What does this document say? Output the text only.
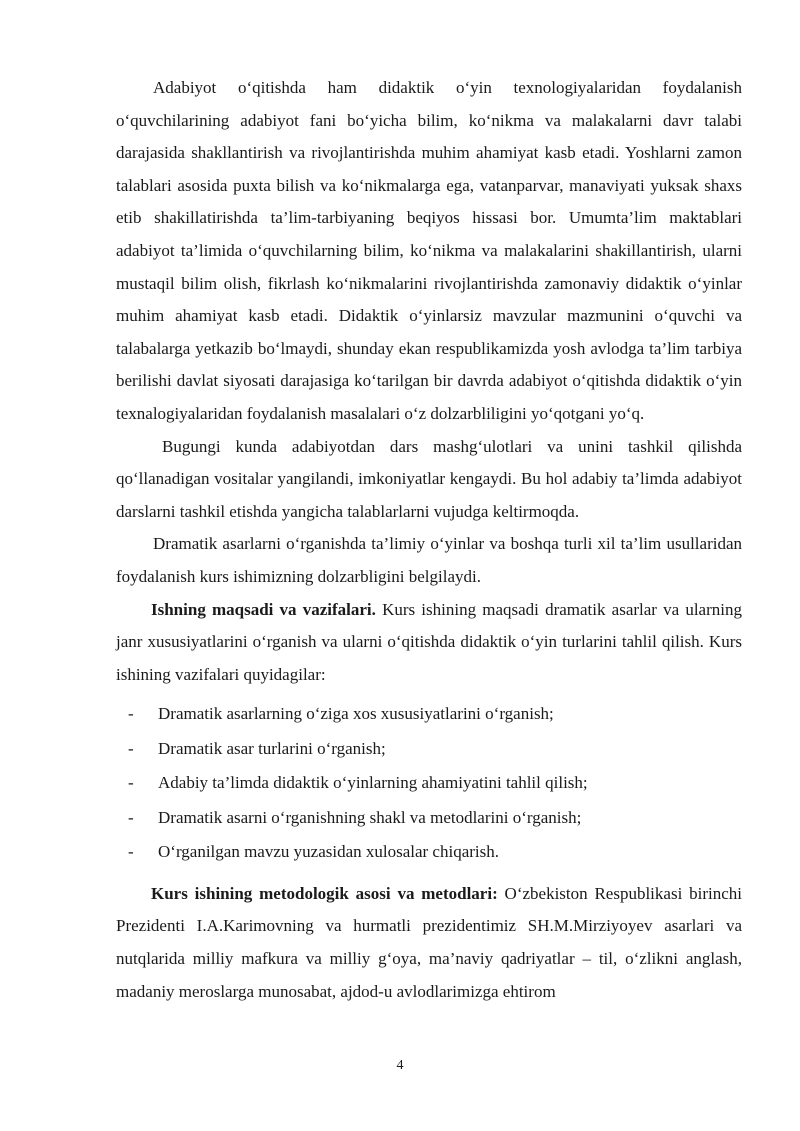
Adabiyot o‘qitishda ham didaktik o‘yin texnologiyalaridan foydalanish o‘quvchilarining adabiyot fani bo‘yicha bilim, ko‘nikma va malakalarni davr talabi darajasida shakllantirish va rivojlantirishda muhim ahamiyat kasb etadi. Yoshlarni zamon talablari asosida puxta bilish va ko‘nikmalarga ega, vatanparvar, manaviyati yuksak shaxs etib shakillatirishda ta’lim-tarbiyaning beqiyos hissasi bor. Umumta’lim maktablari adabiyot ta’limida o‘quvchilarning bilim, ko‘nikma va malakalarini shakillantirish, ularni mustaqil bilim olish, fikrlash ko‘nikmalarini rivojlantirishda zamonaviy didaktik o‘yinlar muhim ahamiyat kasb etadi. Didaktik o‘yinlarsiz mavzular mazmunini o‘quvchi va talabalarga yetkazib bo‘lmaydi, shunday ekan respublikamizda yosh avlodga ta’lim tarbiya berilishi davlat siyosati darajasiga ko‘tarilgan bir davrda adabiyot o‘qitishda didaktik o‘yin texnalogiyalaridan foydalanish masalalari o‘z dolzarbliligini yo‘qotgani yo‘q.

Bugungi kunda adabiyotdan dars mashg‘ulotlari va unini tashkil qilishda qo‘llanadigan vositalar yangilandi, imkoniyatlar kengaydi. Bu hol adabiy ta’limda adabiyot darslarni tashkil etishda yangicha talablarlarni vujudga keltirmoqda.

Dramatik asarlarni o‘rganishda ta’limiy o‘yinlar va boshqa turli xil ta’lim usullaridan foydalanish kurs ishimizning dolzarbligini belgilaydi.

Ishning maqsadi va vazifalari. Kurs ishining maqsadi dramatik asarlar va ularning janr xususiyatlarini o‘rganish va ularni o‘qitishda didaktik o‘yin turlarini tahlil qilish. Kurs ishining vazifalari quyidagilar:

- Dramatik asarlarning o‘ziga xos xususiyatlarini o‘rganish;
- Dramatik asar turlarini o‘rganish;
- Adabiy ta’limda didaktik o‘yinlarning ahamiyatini tahlil qilish;
- Dramatik asarni o‘rganishning shakl va metodlarini o‘rganish;
- O‘rganilgan mavzu yuzasidan xulosalar chiqarish.

Kurs ishining metodologik asosi va metodlari: O‘zbekiston Respublikasi birinchi Prezidenti I.A.Karimovning va hurmatli prezidentimiz SH.M.Mirziyoyev asarlari va nutqlarida milliy mafkura va milliy g‘oya, ma’naviy qadriyatlar – til, o‘zlikni anglash, madaniy meroslarga munosabat, ajdod-u avlodlarimizga ehtirom

4
